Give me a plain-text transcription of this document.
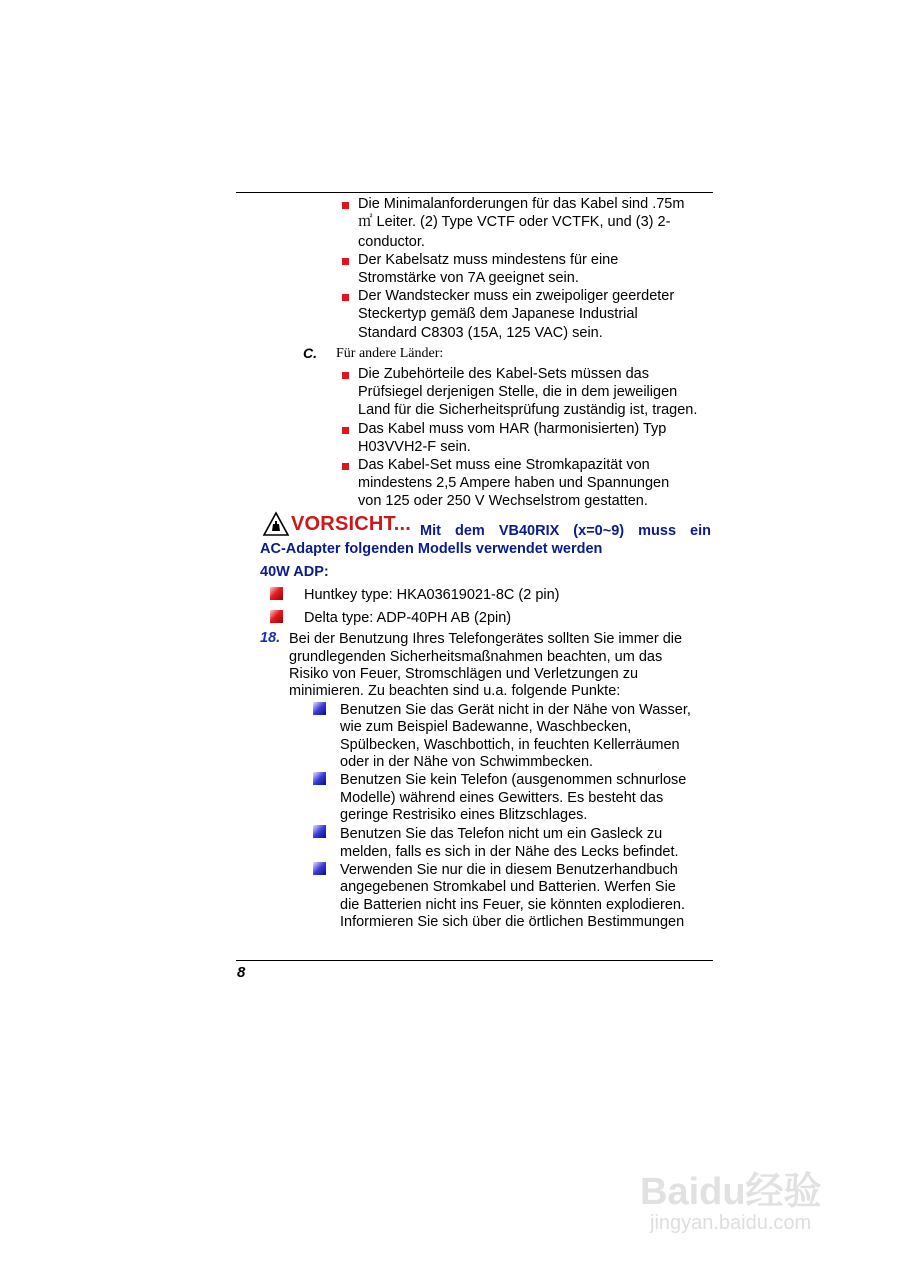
Die Minimalanforderungen für das Kabel sind .75m
㎡ Leiter. (2) Type VCTF oder VCTFK, und (3) 2-
conductor.
Der Kabelsatz muss mindestens für eine
Stromstärke von 7A geeignet sein.
Der Wandstecker muss ein zweipoliger geerdeter
Steckertyp gemäß dem Japanese Industrial
Standard C8303 (15A, 125 VAC) sein.
C. Für andere Länder:
Die Zubehörteile des Kabel-Sets müssen das
Prüfsiegel derjenigen Stelle, die in dem jeweiligen
Land für die Sicherheitsprüfung zuständig ist, tragen.
Das Kabel muss vom HAR (harmonisierten) Typ
H03VVH2-F sein.
Das Kabel-Set muss eine Stromkapazität von
mindestens 2,5 Ampere haben und Spannungen
von 125 oder 250 V Wechselstrom gestatten.
VORSICHT... Mit dem VB40RIX (x=0~9) muss ein
AC-Adapter folgenden Modells verwendet werden
40W ADP:
Huntkey type: HKA03619021-8C (2 pin)
Delta type: ADP-40PH AB (2pin)
18. Bei der Benutzung Ihres Telefongerätes sollten Sie immer die
grundlegenden Sicherheitsmaßnahmen beachten, um das
Risiko von Feuer, Stromschlägen und Verletzungen zu
minimieren. Zu beachten sind u.a. folgende Punkte:
Benutzen Sie das Gerät nicht in der Nähe von Wasser,
wie zum Beispiel Badewanne, Waschbecken,
Spülbecken, Waschbottich, in feuchten Kellerräumen
oder in der Nähe von Schwimmbecken.
Benutzen Sie kein Telefon (ausgenommen schnurlose
Modelle) während eines Gewitters. Es besteht das
geringe Restrisiko eines Blitzschlages.
Benutzen Sie das Telefon nicht um ein Gasleck zu
melden, falls es sich in der Nähe des Lecks befindet.
Verwenden Sie nur die in diesem Benutzerhandbuch
angegebenen Stromkabel und Batterien. Werfen Sie
die Batterien nicht ins Feuer, sie könnten explodieren.
Informieren Sie sich über die örtlichen Bestimmungen
8
Baidu经验
jingyan.baidu.com
